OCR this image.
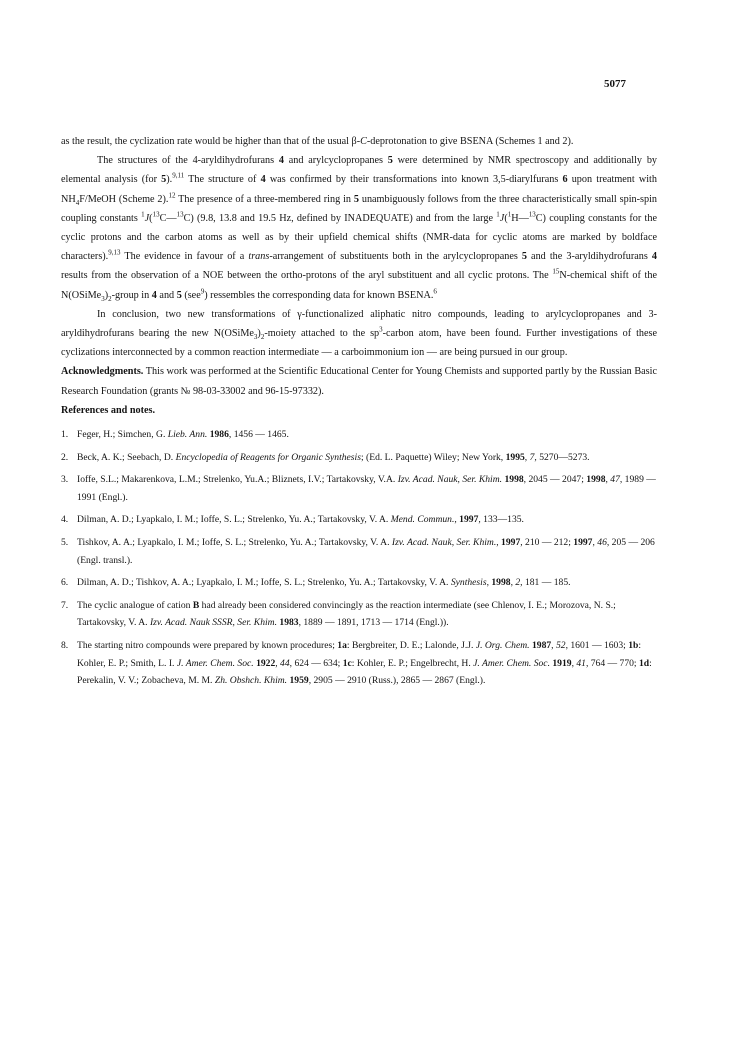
5077

as the result, the cyclization rate would be higher than that of the usual β-C-deprotonation to give BSENA (Schemes 1 and 2).

The structures of the 4-aryldihydrofurans 4 and arylcyclopropanes 5 were determined by NMR spectroscopy and additionally by elemental analysis (for 5).$^{9,11}$ The structure of 4 was confirmed by their transformations into known 3,5-diarylfurans 6 upon treatment with $NH_4F$/MeOH (Scheme 2).$^{12}$ The presence of a three-membered ring in 5 unambiguously follows from the three characteristically small spin-spin coupling constants $^1$J($^{13}$C—$^{13}$C) (9.8, 13.8 and 19.5 Hz, defined by INADEQUATE) and from the large $^1$J($^1$H—$^{13}$C) coupling constants for the cyclic protons and the carbon atoms as well as by their upfield chemical shifts (NMR-data for cyclic atoms are marked by boldface characters).$^{9,13}$ The evidence in favour of a trans-arrangement of substituents both in the arylcyclopropanes 5 and the 3-aryldihydrofurans 4 results from the observation of a NOE between the ortho-protons of the aryl substituent and all cyclic protons. The $^{15}$N-chemical shift of the $N(OSiMe_3)_2$-group in 4 and 5 (see$^9$) ressembles the corresponding data for known BSENA.$^6$

In conclusion, two new transformations of γ-functionalized aliphatic nitro compounds, leading to arylcyclopropanes and 3-aryldihydrofurans bearing the new $N(OSiMe_3)_2$-moiety attached to the $sp^3$-carbon atom, have been found. Further investigations of these cyclizations interconnected by a common reaction intermediate — a carboimmonium ion — are being pursued in our group.

Acknowledgments. This work was performed at the Scientific Educational Center for Young Chemists and supported partly by the Russian Basic Research Foundation (grants № 98-03-33002 and 96-15-97332).

References and notes.

1. Feger, H.; Simchen, G. Lieb. Ann. 1986, 1456 — 1465.
2. Beck, A. K.; Seebach, D. Encyclopedia of Reagents for Organic Synthesis; (Ed. L. Paquette) Wiley; New York, 1995, 7, 5270—5273.
3. Ioffe, S.L.; Makarenkova, L.M.; Strelenko, Yu.A.; Bliznets, I.V.; Tartakovsky, V.A. Izv. Acad. Nauk, Ser. Khim. 1998, 2045 — 2047; 1998, 47, 1989 — 1991 (Engl.).
4. Dilman, A. D.; Lyapkalo, I. M.; Ioffe, S. L.; Strelenko, Yu. A.; Tartakovsky, V. A. Mend. Commun., 1997, 133—135.
5. Tishkov, A. A.; Lyapkalo, I. M.; Ioffe, S. L.; Strelenko, Yu. A.; Tartakovsky, V. A. Izv. Acad. Nauk, Ser. Khim., 1997, 210 — 212; 1997, 46, 205 — 206 (Engl. transl.).
6. Dilman, A. D.; Tishkov, A. A.; Lyapkalo, I. M.; Ioffe, S. L.; Strelenko, Yu. A.; Tartakovsky, V. A. Synthesis, 1998, 2, 181 — 185.
7. The cyclic analogue of cation B had already been considered convincingly as the reaction intermediate (see Chlenov, I. E.; Morozova, N. S.; Tartakovsky, V. A. Izv. Acad. Nauk SSSR, Ser. Khim. 1983, 1889 — 1891, 1713 — 1714 (Engl.)).
8. The starting nitro compounds were prepared by known procedures; 1a: Bergbreiter, D. E.; Lalonde, J.J. J. Org. Chem. 1987, 52, 1601 — 1603; 1b: Kohler, E. P.; Smith, L. I. J. Amer. Chem. Soc. 1922, 44, 624 — 634; 1c: Kohler, E. P.; Engelbrecht, H. J. Amer. Chem. Soc. 1919, 41, 764 — 770; 1d: Perekalin, V. V.; Zobacheva, M. M. Zh. Obshch. Khim. 1959, 2905 — 2910 (Russ.), 2865 — 2867 (Engl.).
